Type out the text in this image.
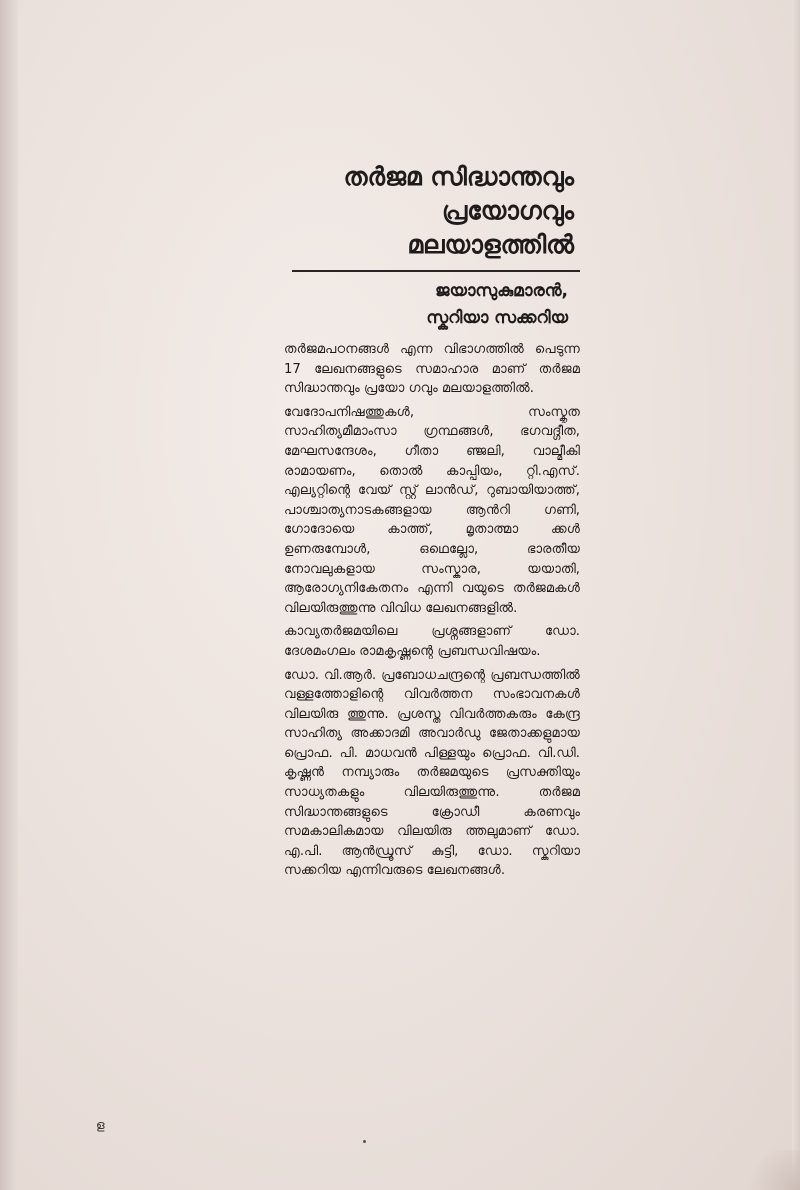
തർജമ സിദ്ധാന്തവും
പ്രയോഗവും
മലയാളത്തിൽ
ജയാസുകുമാരൻ,
സ്കറിയാ സക്കറിയ

തർജമപഠനങ്ങൾ എന്ന വിഭാഗത്തിൽ പെടുന്ന 17 ലേഖനങ്ങളുടെ സമാഹാര മാണ് തർജമ സിദ്ധാന്തവും പ്രയോ ഗവും മലയാളത്തിൽ.

വേദോപനിഷത്തുകൾ, സംസ്കൃത സാഹിത്യമീമാംസാ ഗ്രന്ഥങ്ങൾ, ഭഗവദ്ഗീത, മേഘസന്ദേശം, ഗീതാ ഞ്ജലി, വാല്മീകി രാമായണം, തൊൽ കാപ്പിയം, റ്റി.എസ്. എല്യറ്റിന്റെ വേയ് സ്റ്റ് ലാൻഡ്, റുബായിയാത്ത്, പാശ്ചാത്യനാടകങ്ങളായ ആൻറി ഗണി, ഗോദോയെ കാത്ത്, മൃതാത്മാ ക്കൾ ഉണരുമ്പോൾ, ഒഥെല്ലോ, ഭാരതീയ നോവലുകളായ സംസ്കാര, യയാതി, ആരോഗ്യനികേതനം എന്നി വയുടെ തർജമകൾ വിലയിരുത്തുന്നു വിവിധ ലേഖനങ്ങളിൽ.

കാവ്യതർജമയിലെ പ്രശ്നങ്ങളാണ് ഡോ. ദേശമംഗലം രാമകൃഷ്ണന്റെ പ്രബന്ധവിഷയം.

ഡോ. വി.ആർ. പ്രബോധചന്ദ്രന്റെ പ്രബന്ധത്തിൽ വള്ളത്തോളിന്റെ വിവർത്തന സംഭാവനകൾ വിലയിരു ത്തുന്നു. പ്രശസ്ത വിവർത്തകരും കേന്ദ്ര സാഹിത്യ അക്കാദമി അവാർഡു ജേതാക്കളുമായ പ്രൊഫ. പി. മാധവൻ പിള്ളയും പ്രൊഫ. വി.ഡി. കൃഷ്ണൻ നമ്പ്യാരും തർജമയുടെ പ്രസക്തിയും സാധ്യതകളും വിലയിരുത്തുന്നു. തർജമ സിദ്ധാന്തങ്ങളുടെ ക്രോഡീ കരണവും സമകാലികമായ വിലയിരു ത്തലുമാണ് ഡോ. എ.പി. ആൻഡ്രൂസ് കുട്ടി, ഡോ. സ്കറിയാ സക്കറിയ എന്നിവരുടെ ലേഖനങ്ങൾ.

ള
